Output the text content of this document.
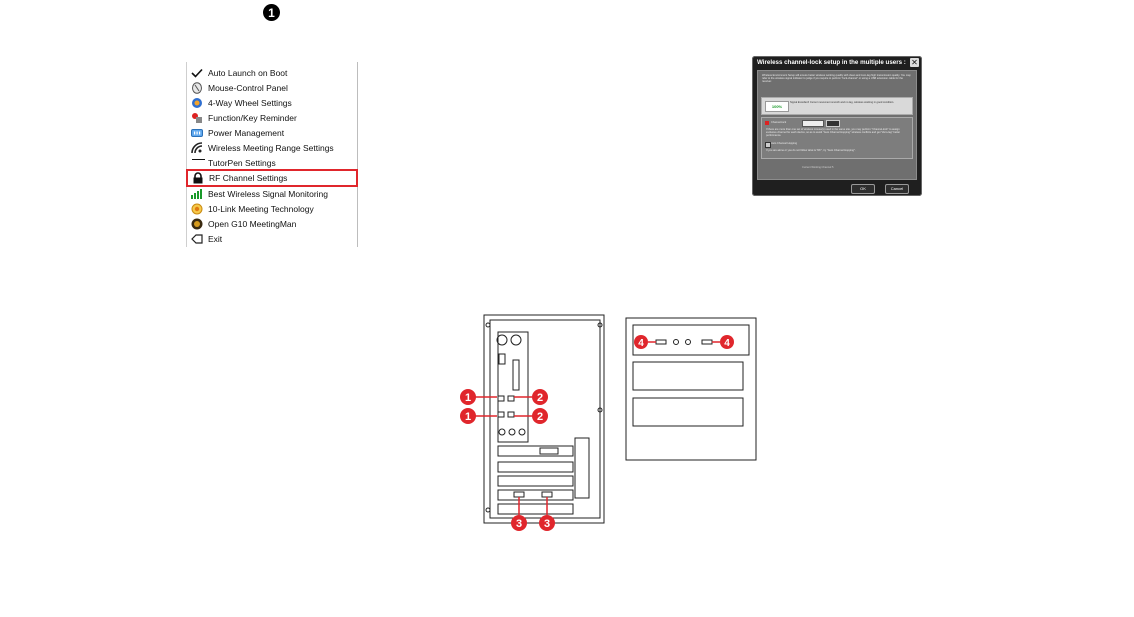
1
Auto Launch on Boot
Mouse-Control Panel
4-Way Wheel Settings
Function/Key Reminder
Power Management
Wireless Meeting Range Settings
TutorPen Settings
RF Channel Settings
Best Wireless Signal Monitoring
10-Link Meeting Technology
Open G10 MeetingMan
Exit
Wireless channel-lock setup in the multiple users : ✕
Wireless Environment Setup will ensure better wireless working quality with clean and zero-lag high transmission quality. You may refer to the wireless signal indicator to judge if you require to perform "lock-channel" or using a USB extension cable for the receiver.
100%
Signal Excellent! Cursor movement smooth and no lag, wireless working in good condition.
Channel-lock
If there are more than one set of wireless mouse(s) used in the same site, you may perform "Channel-lock" to assign exclusive channel for each device, so as to avoid "Auto Channel Hopping" wireless conflicts and get "Zero-lag" better performance.
Auto Channel Hopping
If you are alone or you do not follow what is "RF", try "Auto Channel Hopping".
Current Working Channel:5
OK	Cancel
1	2
1	2
3 3
4	4
